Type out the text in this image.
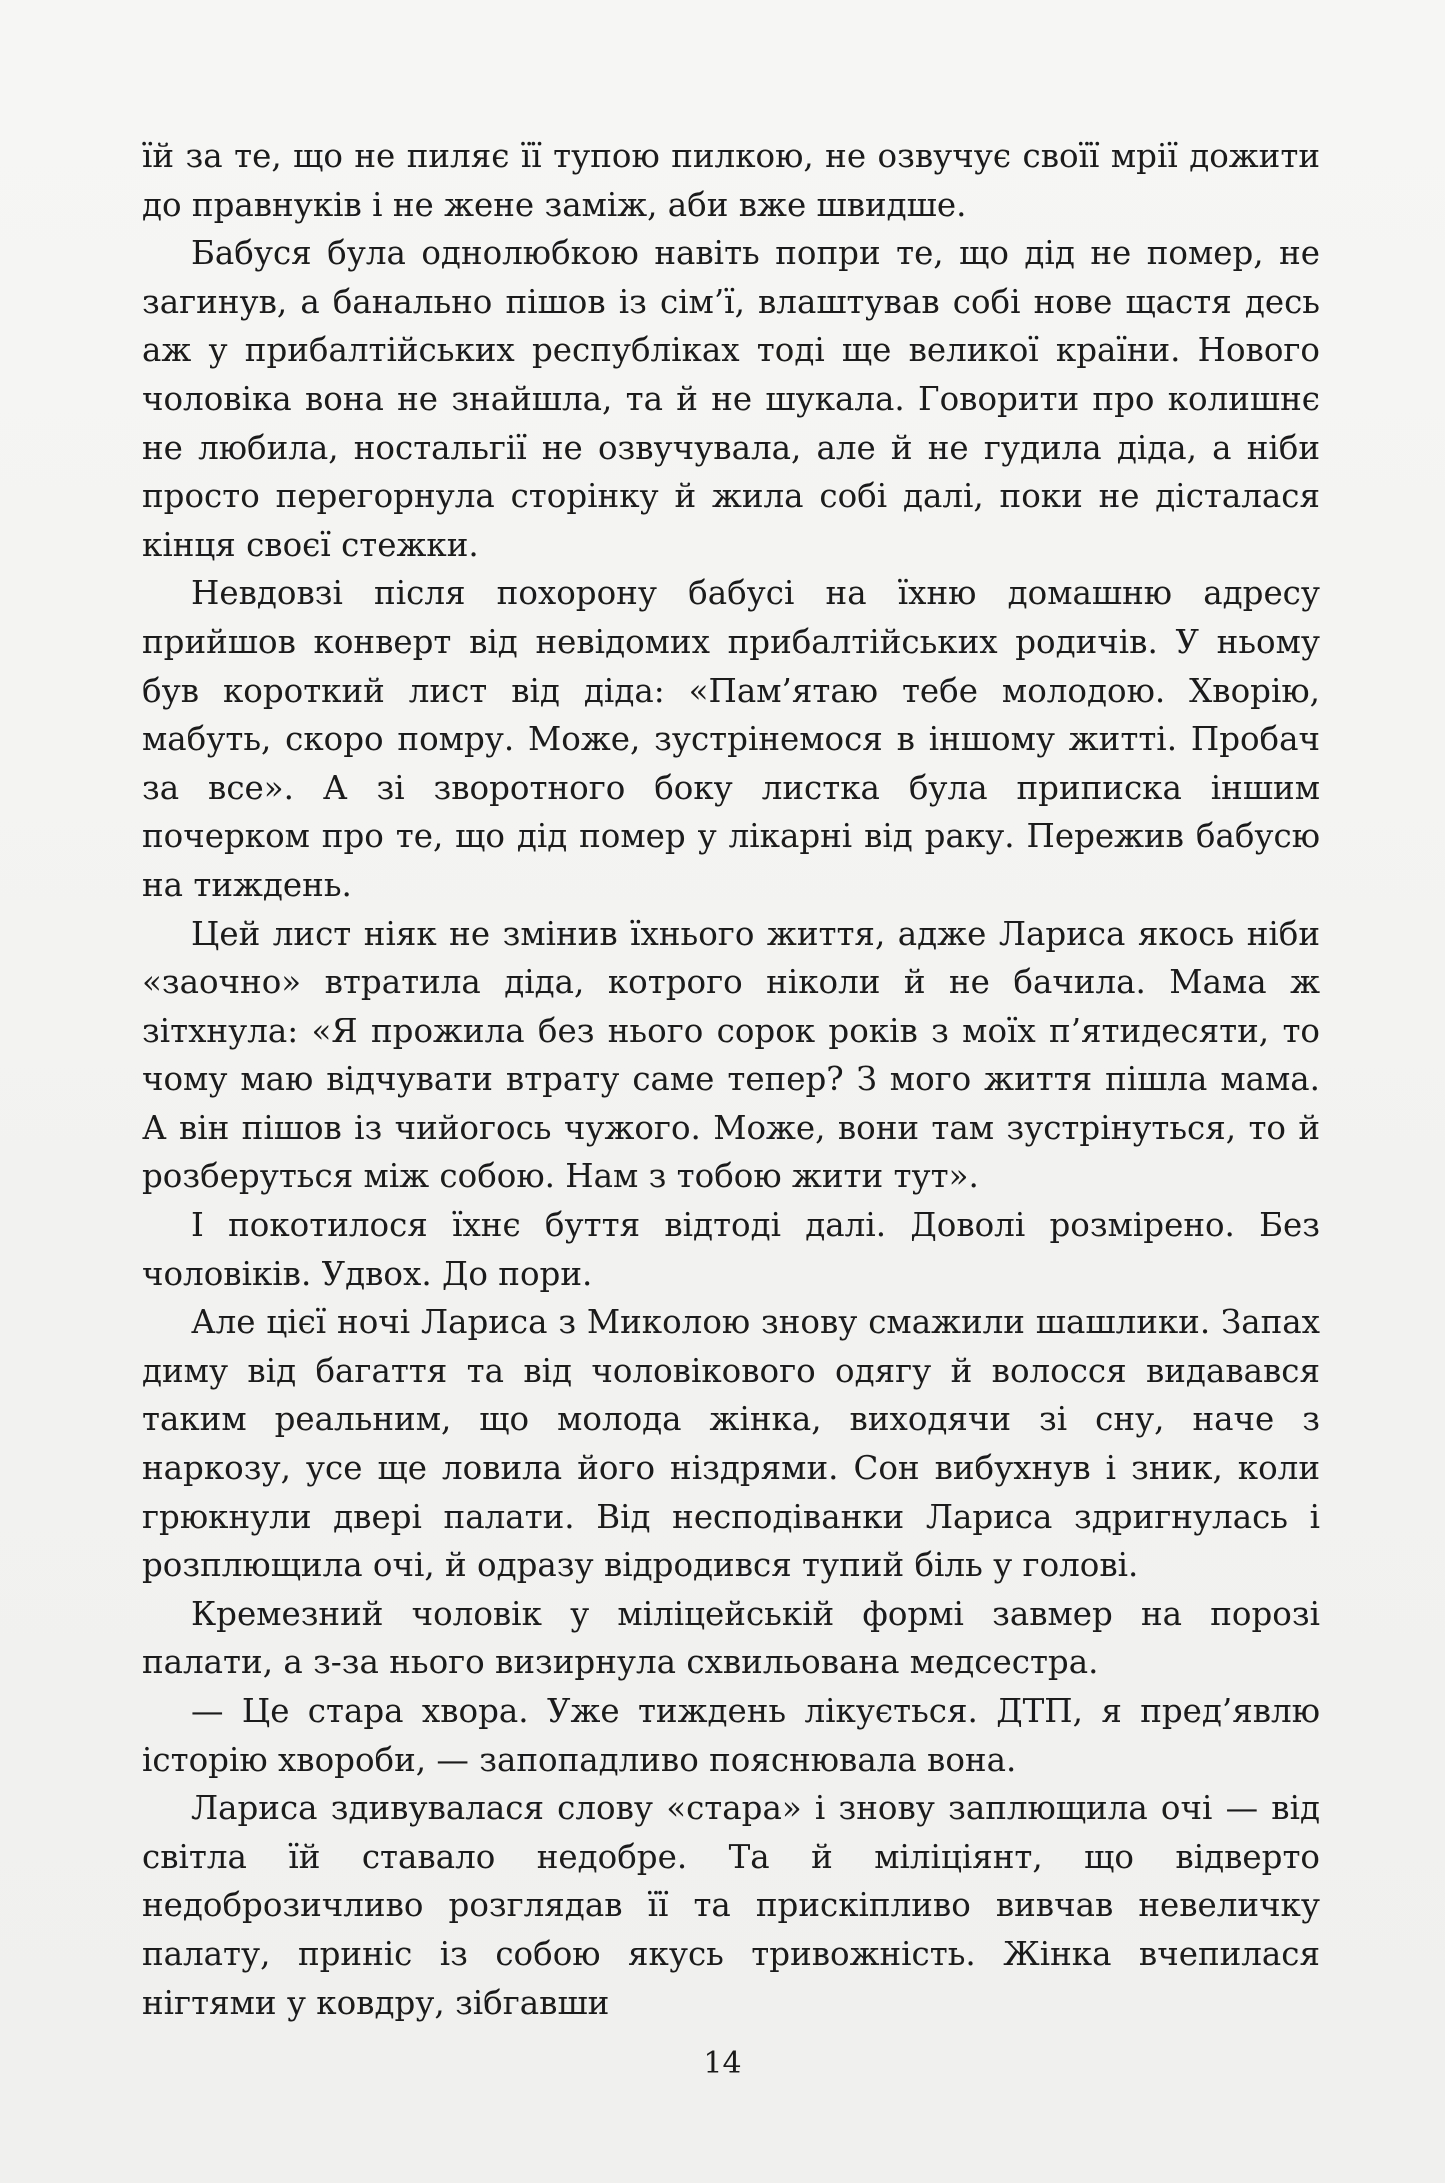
їй за те, що не пиляє її тупою пилкою, не озвучує своїї мрії дожити до правнуків і не жене заміж, аби вже швидше.

Бабуся була однолюбкою навіть попри те, що дід не помер, не загинув, а банально пішов із сім’ї, влаштував собі нове щастя десь аж у прибалтійських республіках тоді ще великої країни. Нового чоловіка вона не знайшла, та й не шукала. Говорити про колишнє не любила, ностальгії не озвучувала, але й не гудила діда, а ніби просто перегорнула сторінку й жила собі далі, поки не дісталася кінця своєї стежки.

Невдовзі після похорону бабусі на їхню домашню адресу прийшов конверт від невідомих прибалтійських родичів. У ньому був короткий лист від діда: «Пам’ятаю тебе молодою. Хворію, мабуть, скоро помру. Може, зустрінемося в іншому житті. Пробач за все». А зі зворотного боку листка була приписка іншим почерком про те, що дід помер у лікарні від раку. Пережив бабусю на тиждень.

Цей лист ніяк не змінив їхнього життя, адже Лариса якось ніби «заочно» втратила діда, котрого ніколи й не бачила. Мама ж зітхнула: «Я прожила без нього сорок років з моїх п’ятидесяти, то чому маю відчувати втрату саме тепер? З мого життя пішла мама. А він пішов із чийогось чужого. Може, вони там зустрінуться, то й розберуться між собою. Нам з тобою жити тут».

І покотилося їхнє буття відтоді далі. Доволі розмірено. Без чоловіків. Удвох. До пори.

Але цієї ночі Лариса з Миколою знову смажили шашлики. Запах диму від багаття та від чоловікового одягу й волосся видавався таким реальним, що молода жінка, виходячи зі сну, наче з наркозу, усе ще ловила його ніздрями. Сон вибухнув і зник, коли грюкнули двері палати. Від несподіванки Лариса здригнулась і розплющила очі, й одразу відродився тупий біль у голові.

Кремезний чоловік у міліцейській формі завмер на порозі палати, а з-за нього визирнула схвильована медсестра.

— Це стара хвора. Уже тиждень лікується. ДТП, я пред’явлю історію хвороби, — запопадливо пояснювала вона.

Лариса здивувалася слову «стара» і знову заплющила очі — від світла їй ставало недобре. Та й міліціянт, що відверто недоброзичливо розглядав її та прискіпливо вивчав невеличку палату, приніс із собою якусь тривожність. Жінка вчепилася нігтями у ковдру, зібгавши

14
